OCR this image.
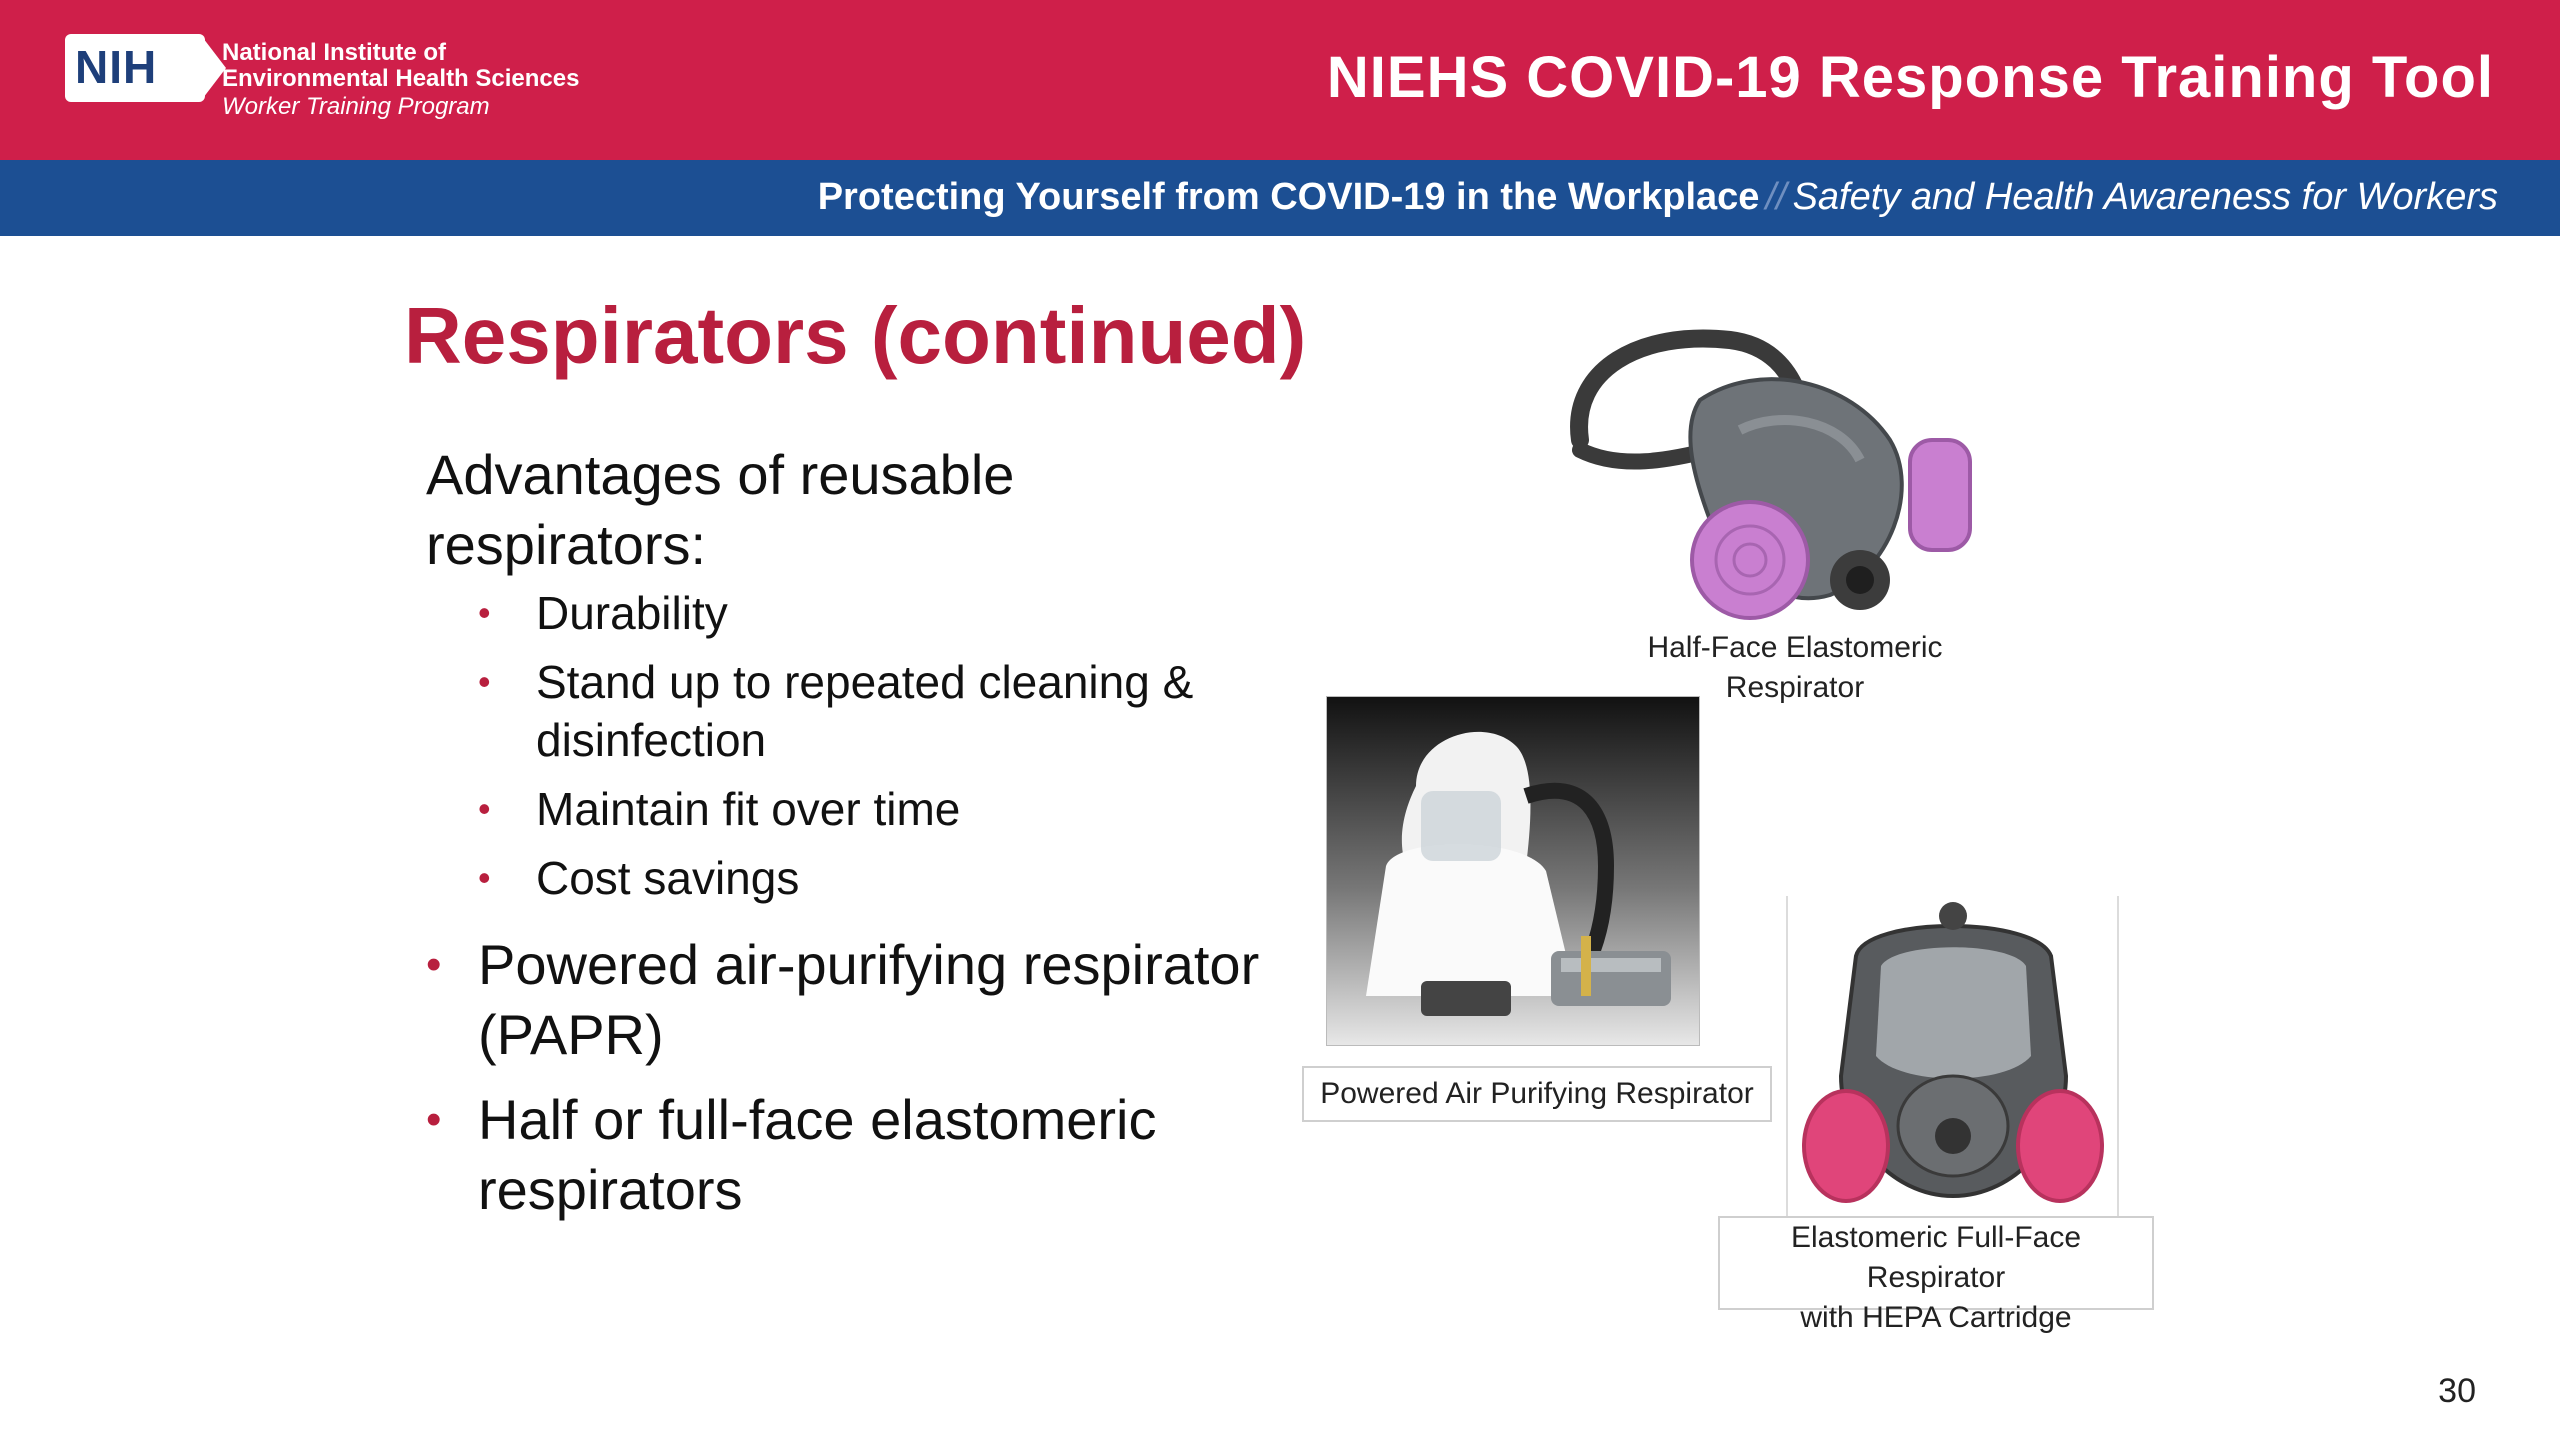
NIH	National Institute of
Environmental Health Sciences
Worker Training Program	NIEHS COVID-19 Response Training Tool
Protecting Yourself from COVID-19 in the Workplace // Safety and Health Awareness for Workers
Respirators (continued)
Advantages of reusable respirators:
• Durability
• Stand up to repeated cleaning & disinfection
• Maintain fit over time
• Cost savings
• Powered air-purifying respirator (PAPR)
• Half or full-face elastomeric respirators
Half-Face Elastomeric
Respirator
Powered Air Purifying Respirator
Elastomeric Full-Face Respirator
with HEPA Cartridge
30
